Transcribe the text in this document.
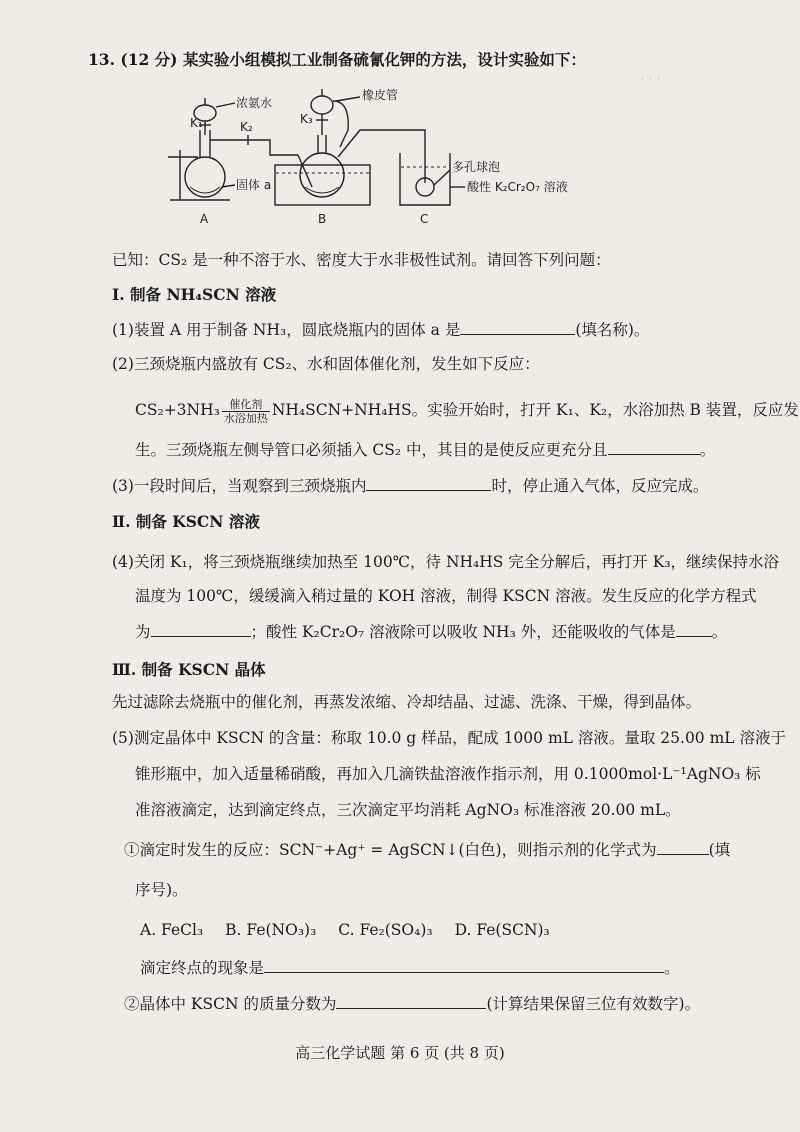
· · ·
13. (12 分) 某实验小组模拟工业制备硫氰化钾的方法，设计实验如下：
浓氨水
K₁	K₂
K₃
橡皮管
固体 a
多孔球泡
酸性 K₂Cr₂O₇ 溶液
A	B	C
已知：CS₂ 是一种不溶于水、密度大于水非极性试剂。请回答下列问题：
Ⅰ. 制备 NH₄SCN 溶液
(1)装置 A 用于制备 NH₃，圆底烧瓶内的固体 a 是	(填名称)。
(2)三颈烧瓶内盛放有 CS₂、水和固体催化剂，发生如下反应：
$CS_2+3NH_3 \frac{\text{催化剂}}{\text{水浴加热}} NH_4SCN+NH_4HS$。实验开始时，打开 K₁、K₂，水浴加热 B 装置，反应发
生。三颈烧瓶左侧导管口必须插入 CS₂ 中，其目的是使反应更充分且	。
(3)一段时间后，当观察到三颈烧瓶内	时，停止通入气体，反应完成。
Ⅱ. 制备 KSCN 溶液
(4)关闭 K₁，将三颈烧瓶继续加热至 100℃，待 NH₄HS 完全分解后，再打开 K₃，继续保持水浴
温度为 100℃，缓缓滴入稍过量的 KOH 溶液，制得 KSCN 溶液。发生反应的化学方程式
为	；酸性 K₂Cr₂O₇ 溶液除可以吸收 NH₃ 外，还能吸收的气体是 。
Ⅲ. 制备 KSCN 晶体
先过滤除去烧瓶中的催化剂，再蒸发浓缩、冷却结晶、过滤、洗涤、干燥，得到晶体。
(5)测定晶体中 KSCN 的含量：称取 10.0 g 样品，配成 1000 mL 溶液。量取 25.00 mL 溶液于
锥形瓶中，加入适量稀硝酸，再加入几滴铁盐溶液作指示剂，用 0.1000mol·L⁻¹AgNO₃ 标
准溶液滴定，达到滴定终点，三次滴定平均消耗 AgNO₃ 标准溶液 20.00 mL。
①滴定时发生的反应：SCN⁻+Ag⁺ = AgSCN↓(白色)，则指示剂的化学式为	(填
序号)。
A. FeCl₃ B. Fe(NO₃)₃ C. Fe₂(SO₄)₃ D. Fe(SCN)₃
滴定终点的现象是	。
②晶体中 KSCN 的质量分数为	(计算结果保留三位有效数字)。
高三化学试题 第 6 页 (共 8 页)
